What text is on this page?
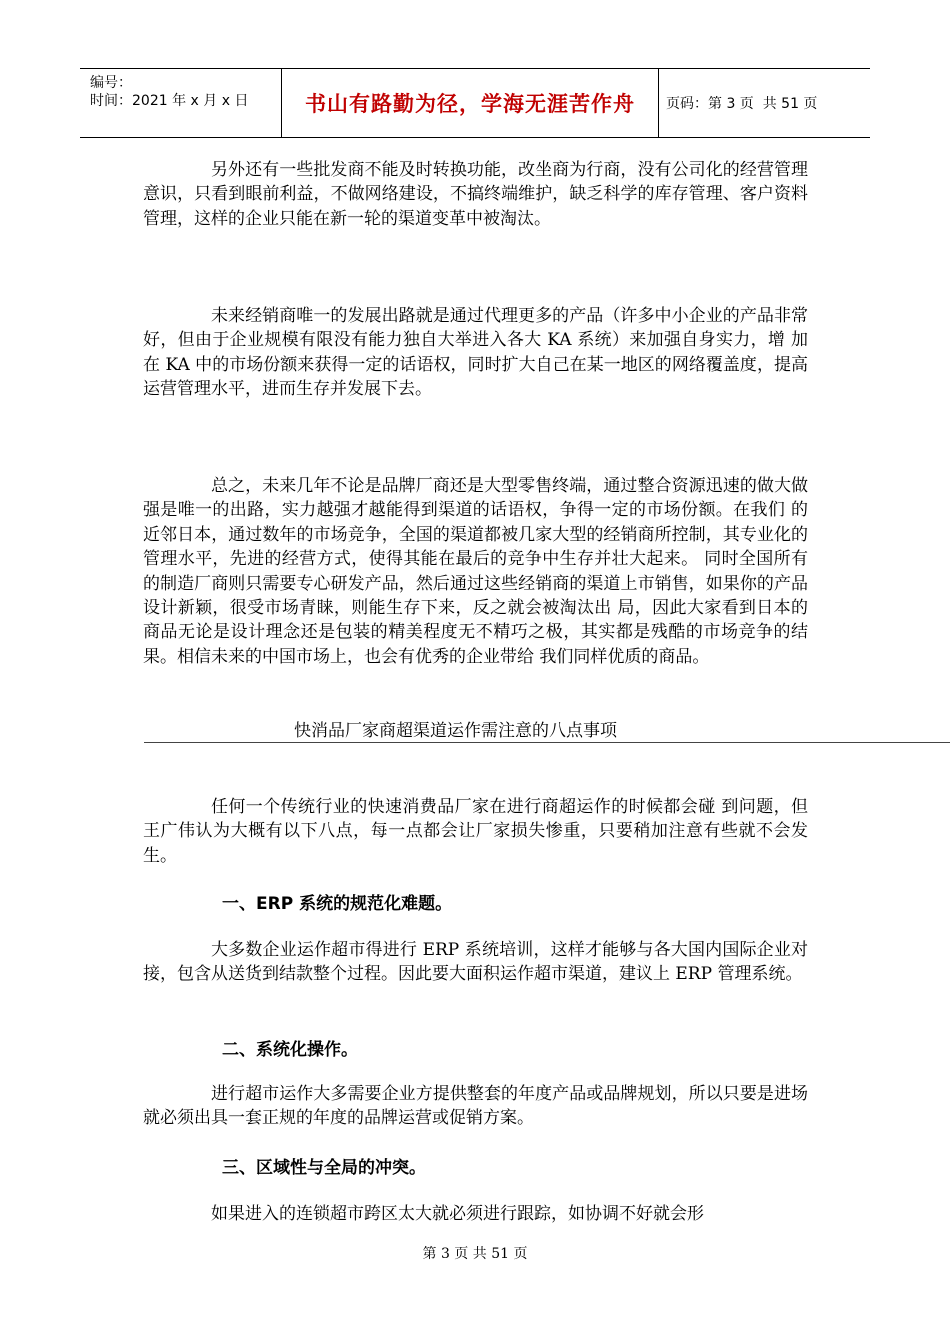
编号：
时间：2021 年 x 月 x 日	书山有路勤为径，学海无涯苦作舟	页码：第 3 页  共 51 页

另外还有一些批发商不能及时转换功能，改坐商为行商，没有公司化的经营管理意识，只看到眼前利益，不做网络建设，不搞终端维护，缺乏科学的库存管理、客户资料管理，这样的企业只能在新一轮的渠道变革中被淘汰。

未来经销商唯一的发展出路就是通过代理更多的产品（许多中小企业的产品非常好，但由于企业规模有限没有能力独自大举进入各大 KA 系统）来加强自身实力，增 加在 KA 中的市场份额来获得一定的话语权，同时扩大自己在某一地区的网络覆盖度，提高运营管理水平，进而生存并发展下去。

总之，未来几年不论是品牌厂商还是大型零售终端，通过整合资源迅速的做大做强是唯一的出路，实力越强才越能得到渠道的话语权，争得一定的市场份额。在我们 的近邻日本，通过数年的市场竞争，全国的渠道都被几家大型的经销商所控制，其专业化的管理水平，先进的经营方式，使得其能在最后的竞争中生存并壮大起来。 同时全国所有的制造厂商则只需要专心研发产品，然后通过这些经销商的渠道上市销售，如果你的产品设计新颖，很受市场青睐，则能生存下来，反之就会被淘汰出 局，因此大家看到日本的商品无论是设计理念还是包装的精美程度无不精巧之极，其实都是残酷的市场竞争的结果。相信未来的中国市场上，也会有优秀的企业带给 我们同样优质的商品。

快消品厂家商超渠道运作需注意的八点事项

任何一个传统行业的快速消费品厂家在进行商超运作的时候都会碰 到问题，但王广伟认为大概有以下八点，每一点都会让厂家损失惨重，只要稍加注意有些就不会发生。

一、ERP 系统的规范化难题。

大多数企业运作超市得进行 ERP 系统培训，这样才能够与各大国内国际企业对接，包含从送货到结款整个过程。因此要大面积运作超市渠道，建议上 ERP 管理系统。

二、系统化操作。

进行超市运作大多需要企业方提供整套的年度产品或品牌规划，所以只要是进场就必须出具一套正规的年度的品牌运营或促销方案。

三、区域性与全局的冲突。

如果进入的连锁超市跨区太大就必须进行跟踪，如协调不好就会形

第 3 页 共 51 页
